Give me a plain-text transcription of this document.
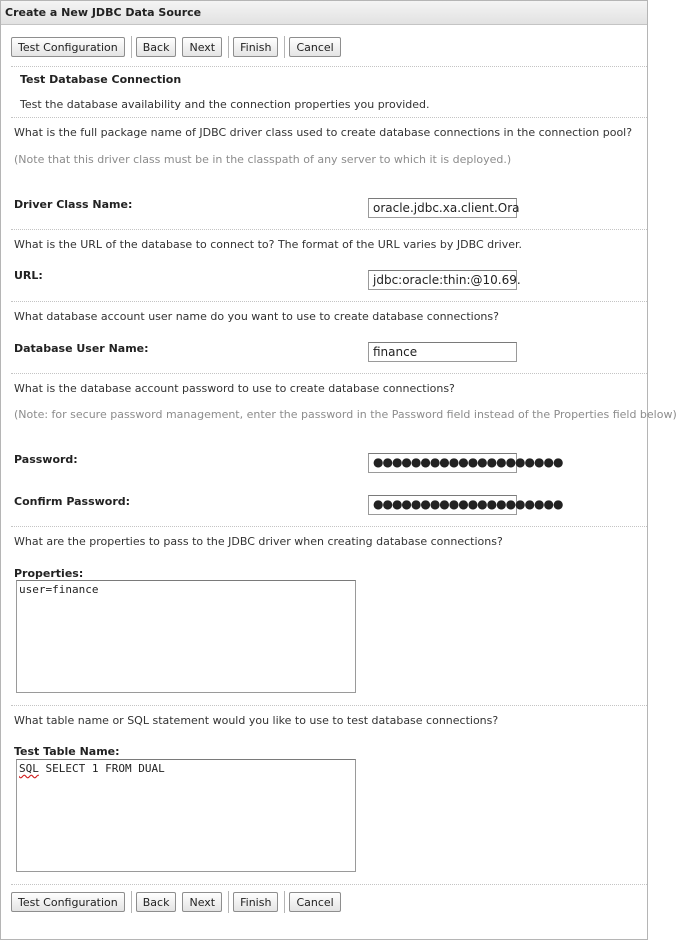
Create a New JDBC Data Source
Test Configuration	Back	Next	Finish	Cancel
Test Database Connection
Test the database availability and the connection properties you provided.
What is the full package name of JDBC driver class used to create database connections in the connection pool?
(Note that this driver class must be in the classpath of any server to which it is deployed.)
Driver Class Name:	oracle.jdbc.xa.client.Ora
What is the URL of the database to connect to? The format of the URL varies by JDBC driver.
URL:	jdbc:oracle:thin:@10.69.
What database account user name do you want to use to create database connections?
Database User Name:	finance
What is the database account password to use to create database connections?
(Note: for secure password management, enter the password in the Password field instead of the Properties field below)
Password:	●●●●●●●●●●●●●●●●●●●●
Confirm Password:	●●●●●●●●●●●●●●●●●●●●
What are the properties to pass to the JDBC driver when creating database connections?
Properties:
user=finance
What table name or SQL statement would you like to use to test database connections?
Test Table Name:
SQL SELECT 1 FROM DUAL
Test Configuration	Back	Next	Finish	Cancel
